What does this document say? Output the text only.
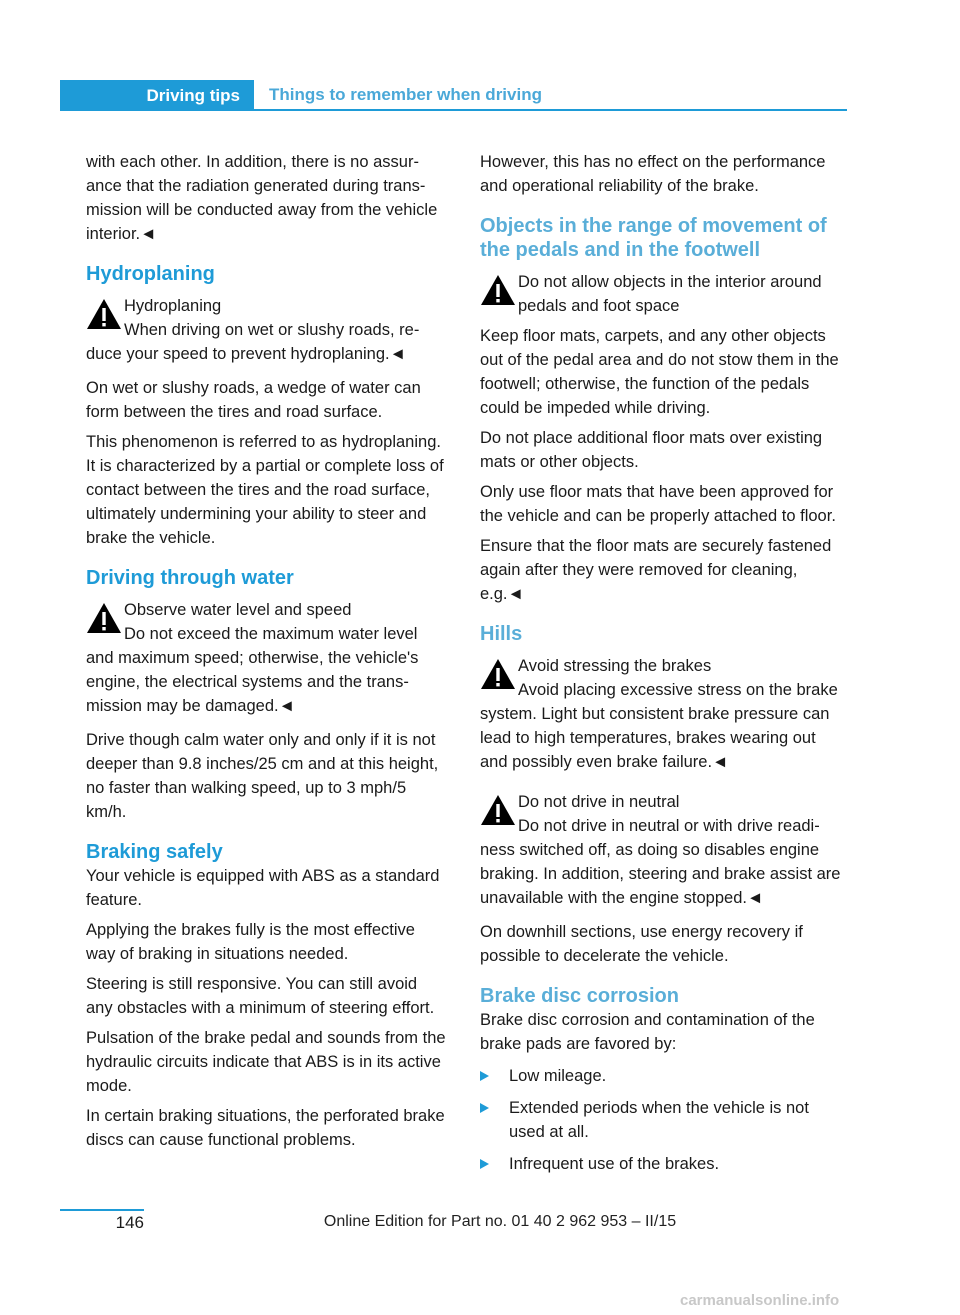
Driving tips	Things to remember when driving

with each other. In addition, there is no assurance that the radiation generated during transmission will be conducted away from the vehicle interior.◄

Hydroplaning
Hydroplaning
When driving on wet or slushy roads, reduce your speed to prevent hydroplaning.◄

On wet or slushy roads, a wedge of water can form between the tires and road surface.

This phenomenon is referred to as hydroplaning. It is characterized by a partial or complete loss of contact between the tires and the road surface, ultimately undermining your ability to steer and brake the vehicle.

Driving through water
Observe water level and speed
Do not exceed the maximum water level and maximum speed; otherwise, the vehicle's engine, the electrical systems and the transmission may be damaged.◄

Drive though calm water only and only if it is not deeper than 9.8 inches/25 cm and at this height, no faster than walking speed, up to 3 mph/5 km/h.

Braking safely

Your vehicle is equipped with ABS as a standard feature.

Applying the brakes fully is the most effective way of braking in situations needed.

Steering is still responsive. You can still avoid any obstacles with a minimum of steering effort.

Pulsation of the brake pedal and sounds from the hydraulic circuits indicate that ABS is in its active mode.

In certain braking situations, the perforated brake discs can cause functional problems.

However, this has no effect on the performance and operational reliability of the brake.

Objects in the range of movement of the pedals and in the footwell
Do not allow objects in the interior around pedals and foot space

Keep floor mats, carpets, and any other objects out of the pedal area and do not stow them in the footwell; otherwise, the function of the pedals could be impeded while driving.

Do not place additional floor mats over existing mats or other objects.

Only use floor mats that have been approved for the vehicle and can be properly attached to floor.

Ensure that the floor mats are securely fastened again after they were removed for cleaning, e.g.◄

Hills
Avoid stressing the brakes
Avoid placing excessive stress on the brake system. Light but consistent brake pressure can lead to high temperatures, brakes wearing out and possibly even brake failure.◄
Do not drive in neutral
Do not drive in neutral or with drive readiness switched off, as doing so disables engine braking. In addition, steering and brake assist are unavailable with the engine stopped.◄

On downhill sections, use energy recovery if possible to decelerate the vehicle.

Brake disc corrosion

Brake disc corrosion and contamination of the brake pads are favored by:

Low mileage.
Extended periods when the vehicle is not used at all.
Infrequent use of the brakes.
146	Online Edition for Part no. 01 40 2 962 953 – II/15
carmanualsonline.info
